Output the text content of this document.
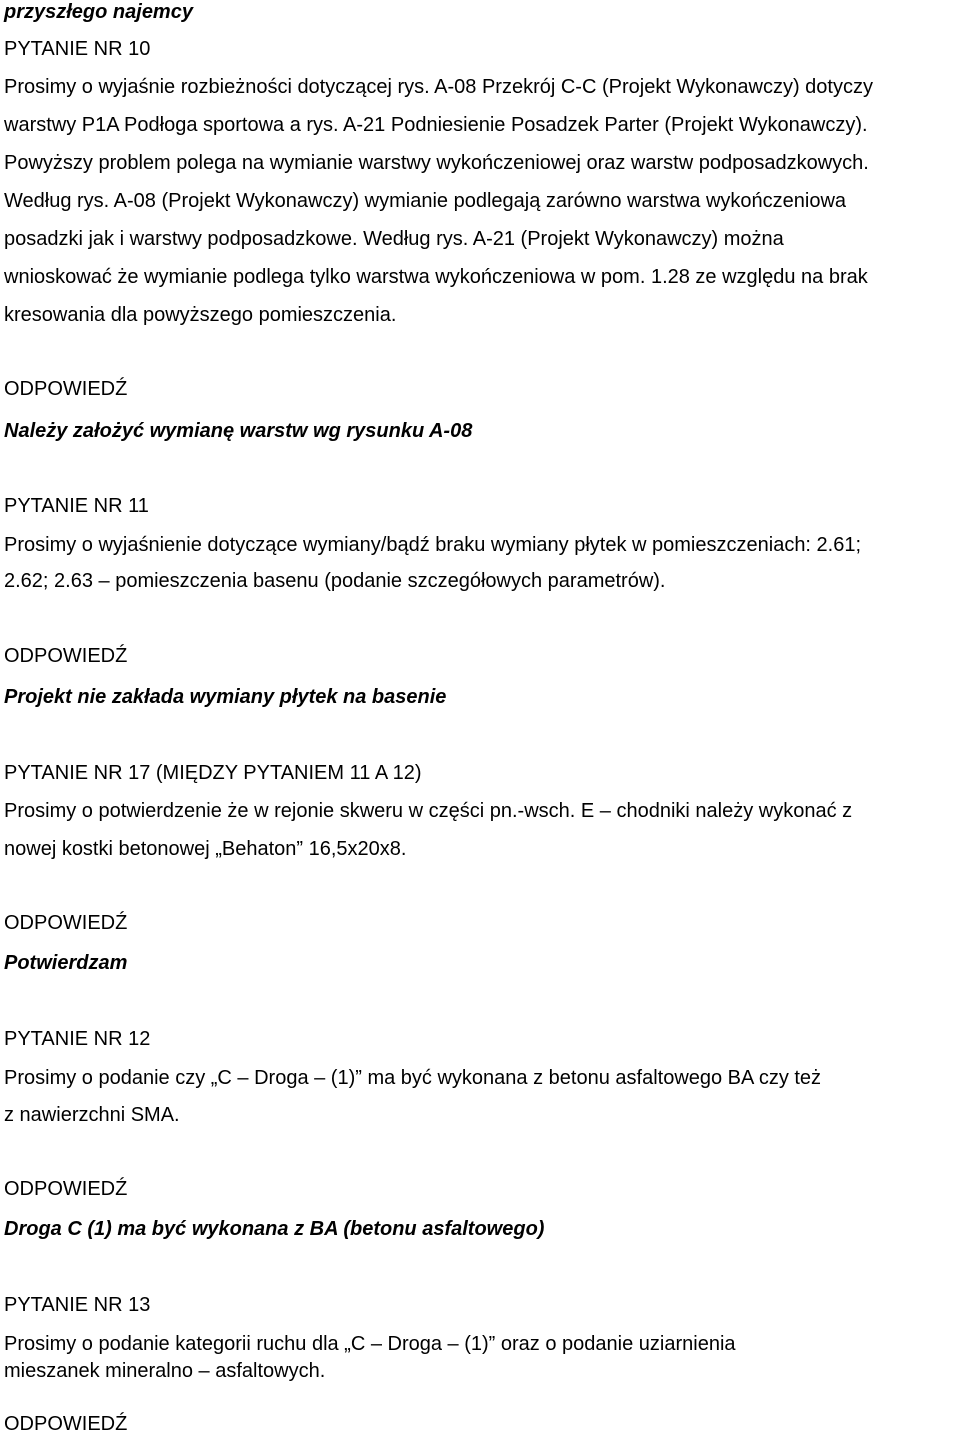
przyszłego najemcy
PYTANIE NR 10
Prosimy o wyjaśnie rozbieżności dotyczącej rys. A-08 Przekrój C-C (Projekt Wykonawczy) dotyczy
warstwy P1A Podłoga sportowa a rys. A-21 Podniesienie Posadzek Parter (Projekt Wykonawczy).
Powyższy problem polega na wymianie warstwy wykończeniowej oraz warstw podposadzkowych.
Według rys. A-08 (Projekt Wykonawczy) wymianie podlegają zarówno warstwa wykończeniowa
posadzki jak i warstwy podposadzkowe. Według rys. A-21 (Projekt Wykonawczy) można
wnioskować że wymianie podlega tylko warstwa wykończeniowa w pom. 1.28 ze względu na brak
kresowania dla powyższego pomieszczenia.
ODPOWIEDŹ
Należy założyć wymianę warstw wg rysunku A-08
PYTANIE NR 11
Prosimy o wyjaśnienie dotyczące wymiany/bądź braku wymiany płytek w pomieszczeniach: 2.61;
2.62; 2.63 – pomieszczenia basenu (podanie szczegółowych parametrów).
ODPOWIEDŹ
Projekt nie zakłada wymiany płytek na basenie
PYTANIE NR 17 (MIĘDZY PYTANIEM 11 A 12)
Prosimy o potwierdzenie że w rejonie skweru w części pn.-wsch. E – chodniki należy wykonać z
nowej kostki betonowej „Behaton” 16,5x20x8.
ODPOWIEDŹ
Potwierdzam
PYTANIE NR 12
Prosimy o podanie czy „C – Droga – (1)” ma być wykonana z betonu asfaltowego BA czy też
z nawierzchni SMA.
ODPOWIEDŹ
Droga C (1) ma być wykonana z BA (betonu asfaltowego)
PYTANIE NR 13
Prosimy o podanie kategorii ruchu dla „C – Droga – (1)” oraz o podanie uziarnienia
mieszanek mineralno – asfaltowych.
ODPOWIEDŹ
